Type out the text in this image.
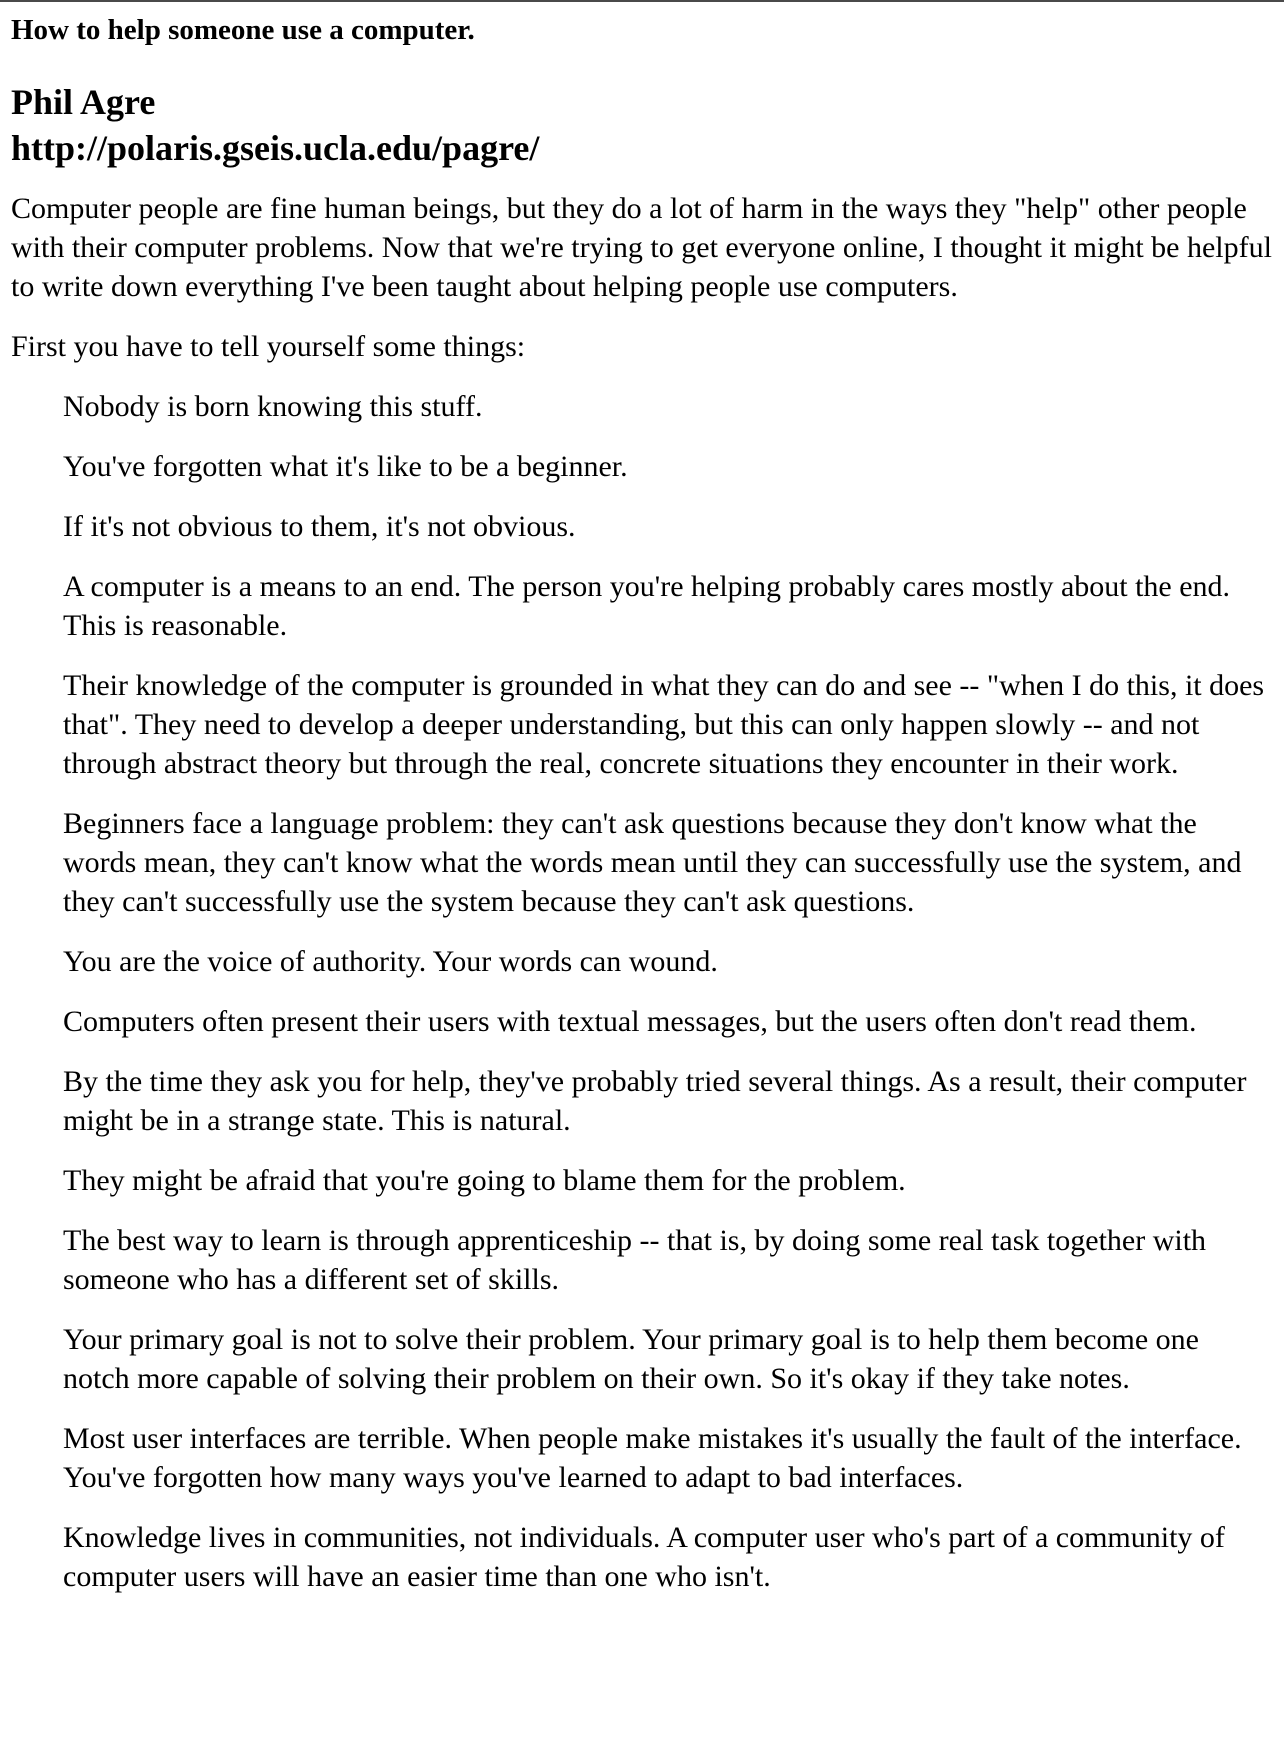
How to help someone use a computer.

Phil Agre

http://polaris.gseis.ucla.edu/pagre/

Computer people are fine human beings, but they do a lot of harm in the ways they "help" other people with their computer problems. Now that we're trying to get everyone online, I thought it might be helpful to write down everything I've been taught about helping people use computers.

First you have to tell yourself some things:

Nobody is born knowing this stuff.

You've forgotten what it's like to be a beginner.

If it's not obvious to them, it's not obvious.

A computer is a means to an end. The person you're helping probably cares mostly about the end. This is reasonable.

Their knowledge of the computer is grounded in what they can do and see -- "when I do this, it does that". They need to develop a deeper understanding, but this can only happen slowly -- and not through abstract theory but through the real, concrete situations they encounter in their work.

Beginners face a language problem: they can't ask questions because they don't know what the words mean, they can't know what the words mean until they can successfully use the system, and they can't successfully use the system because they can't ask questions.

You are the voice of authority. Your words can wound.

Computers often present their users with textual messages, but the users often don't read them.

By the time they ask you for help, they've probably tried several things. As a result, their computer might be in a strange state. This is natural.

They might be afraid that you're going to blame them for the problem.

The best way to learn is through apprenticeship -- that is, by doing some real task together with someone who has a different set of skills.

Your primary goal is not to solve their problem. Your primary goal is to help them become one notch more capable of solving their problem on their own. So it's okay if they take notes.

Most user interfaces are terrible. When people make mistakes it's usually the fault of the interface. You've forgotten how many ways you've learned to adapt to bad interfaces.

Knowledge lives in communities, not individuals. A computer user who's part of a community of computer users will have an easier time than one who isn't.
